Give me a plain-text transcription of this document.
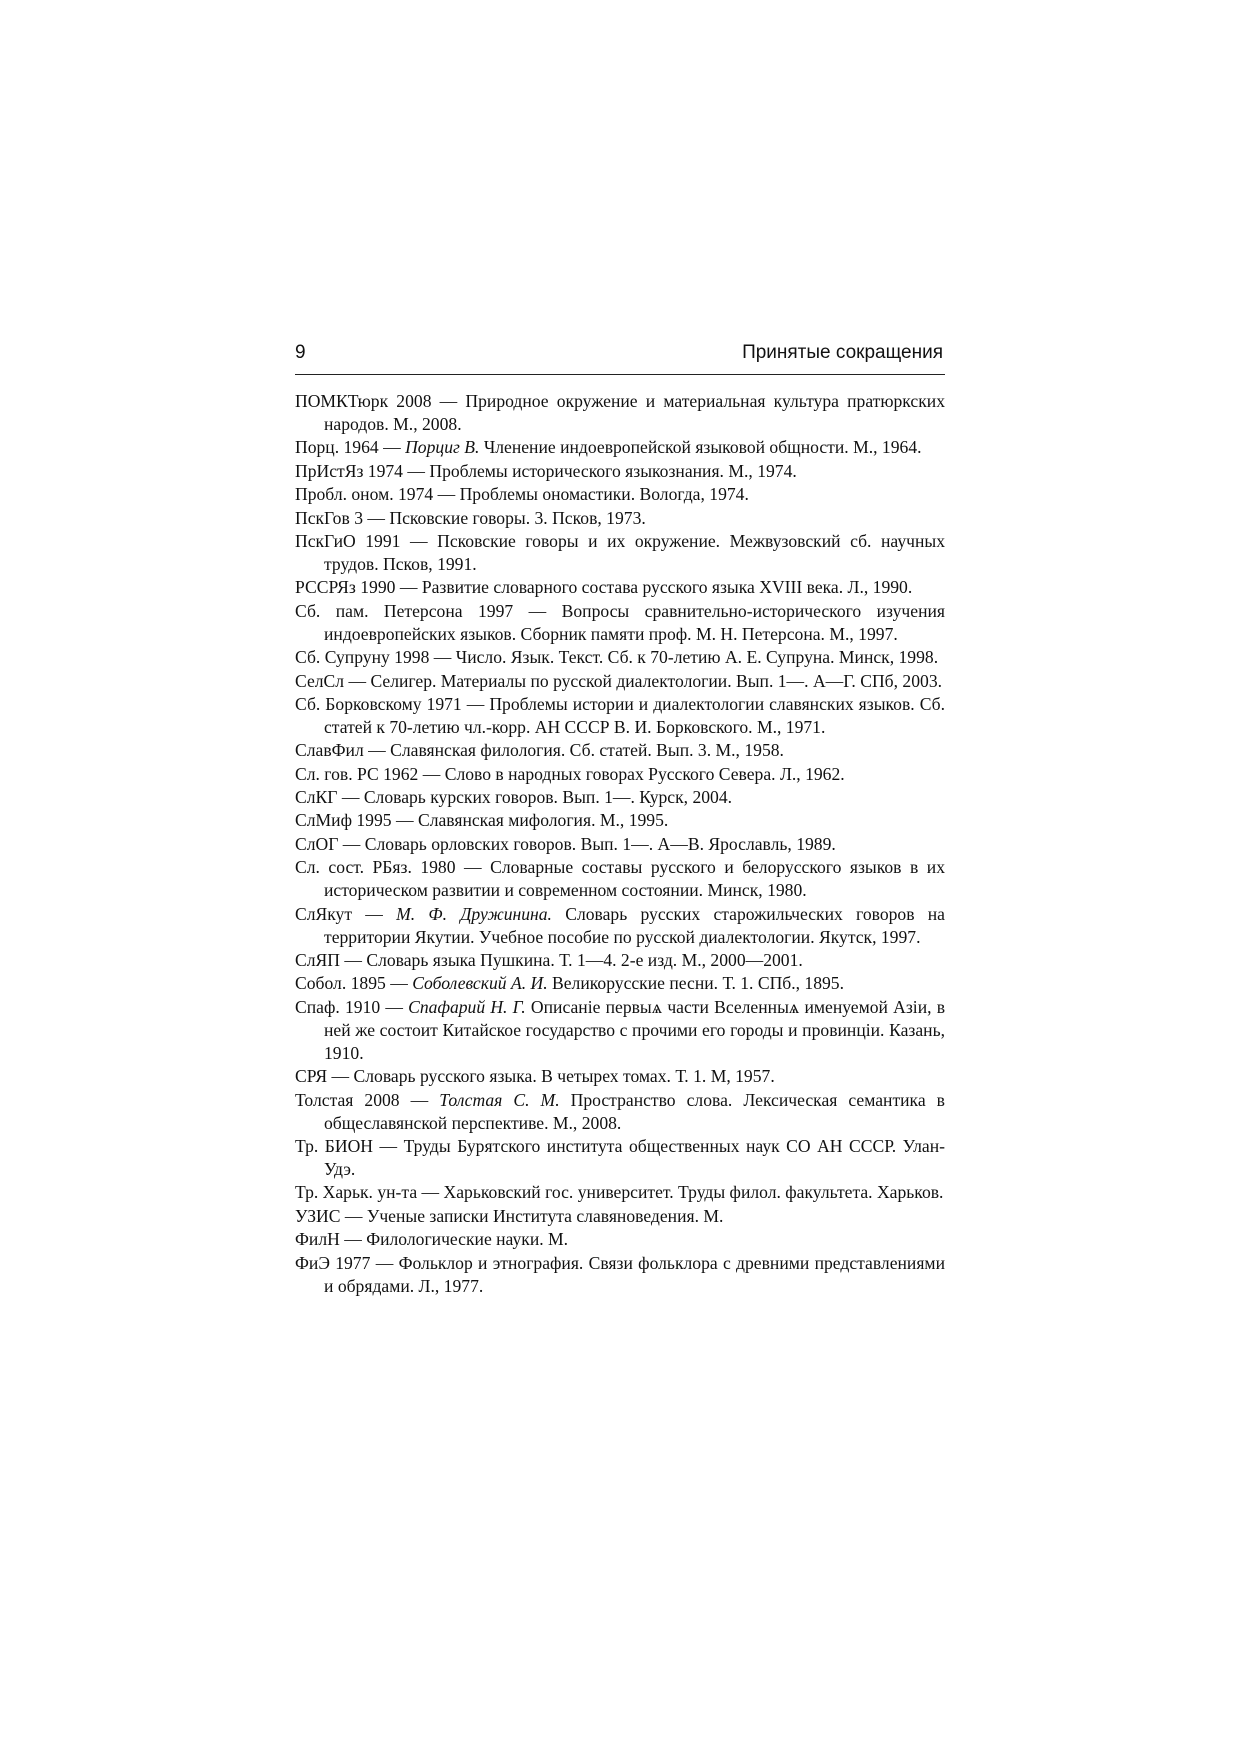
9	Принятые сокращения

ПОМКТюрк 2008 — Природное окружение и материальная культура пратюркских народов. М., 2008.

Порц. 1964 — Порциг В. Членение индоевропейской языковой общности. М., 1964.

ПрИстЯз 1974 — Проблемы исторического языкознания. М., 1974.

Пробл. оном. 1974 — Проблемы ономастики. Вологда, 1974.

ПскГов 3 — Псковские говоры. 3. Псков, 1973.

ПскГиО 1991 — Псковские говоры и их окружение. Межвузовский сб. научных трудов. Псков, 1991.

РССРЯз 1990 — Развитие словарного состава русского языка XVIII века. Л., 1990.

Сб. пам. Петерсона 1997 — Вопросы сравнительно-исторического изучения индоевропейских языков. Сборник памяти проф. М. Н. Петерсона. М., 1997.

Сб. Супруну 1998 — Число. Язык. Текст. Сб. к 70-летию А. Е. Супруна. Минск, 1998.

СелСл — Селигер. Материалы по русской диалектологии. Вып. 1—. А—Г. СПб, 2003.

Сб. Борковскому 1971 — Проблемы истории и диалектологии славянских языков. Сб. статей к 70-летию чл.-корр. АН СССР В. И. Борковского. М., 1971.

СлавФил — Славянская филология. Сб. статей. Вып. 3. М., 1958.

Сл. гов. РС 1962 — Слово в народных говорах Русского Севера. Л., 1962.

СлКГ — Словарь курских говоров. Вып. 1—. Курск, 2004.

СлМиф 1995 — Славянская мифология. М., 1995.

СлОГ — Словарь орловских говоров. Вып. 1—. А—В. Ярославль, 1989.

Сл. сост. РБяз. 1980 — Словарные составы русского и белорусского языков в их историческом развитии и современном состоянии. Минск, 1980.

СлЯкут — М. Ф. Дружинина. Словарь русских старожильческих говоров на территории Якутии. Учебное пособие по русской диалектологии. Якутск, 1997.

СлЯП — Словарь языка Пушкина. Т. 1—4. 2-е изд. М., 2000—2001.

Собол. 1895 — Соболевский А. И. Великорусские песни. Т. 1. СПб., 1895.

Спаф. 1910 — Спафарий Н. Г. Описанiе первыѧ части Вселенныѧ именуемой Азiи, в ней же состоит Китайское государство с прочими его городы и провинцiи. Казань, 1910.

СРЯ — Словарь русского языка. В четырех томах. Т. 1. М, 1957.

Толстая 2008 — Толстая С. М. Пространство слова. Лексическая семантика в общеславянской перспективе. М., 2008.

Тр. БИОН — Труды Бурятского института общественных наук СО АН СССР. Улан-Удэ.

Тр. Харьк. ун-та — Харьковский гос. университет. Труды филол. факультета. Харьков.

УЗИС — Ученые записки Института славяноведения. М.

ФилН — Филологические науки. М.

ФиЭ 1977 — Фольклор и этнография. Связи фольклора с древними представлениями и обрядами. Л., 1977.
